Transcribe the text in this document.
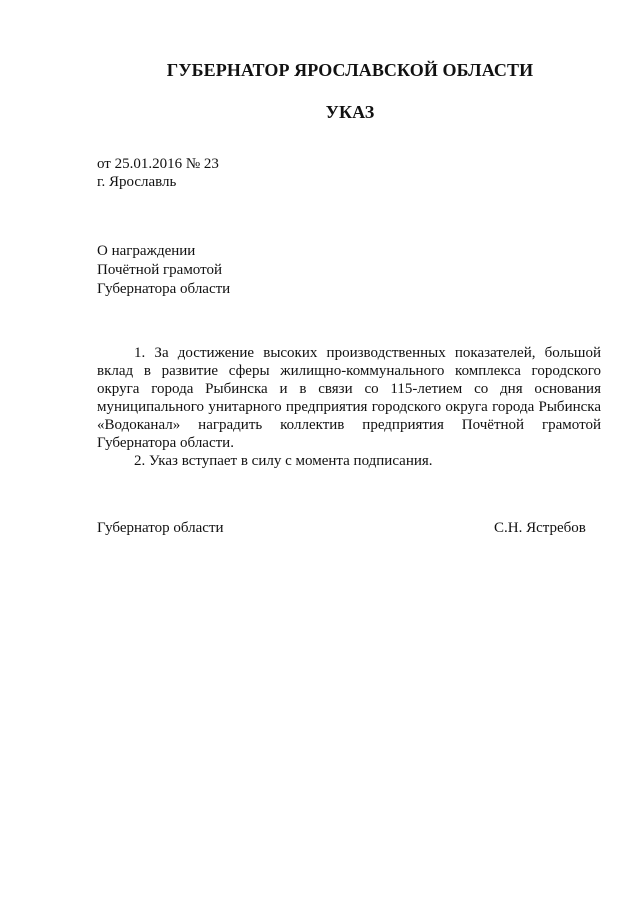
ГУБЕРНАТОР ЯРОСЛАВСКОЙ ОБЛАСТИ
УКАЗ
от 25.01.2016 № 23
г. Ярославль
О награждении
Почётной грамотой
Губернатора области

1. За достижение высоких производственных показателей, большой вклад в развитие сферы жилищно-коммунального комплекса городского округа города Рыбинска и в связи со 115-летием со дня основания муниципального унитарного предприятия городского округа города Рыбинска «Водоканал» наградить коллектив предприятия Почётной грамотой Губернатора области.

2. Указ вступает в силу с момента подписания.

Губернатор области	С.Н. Ястребов
